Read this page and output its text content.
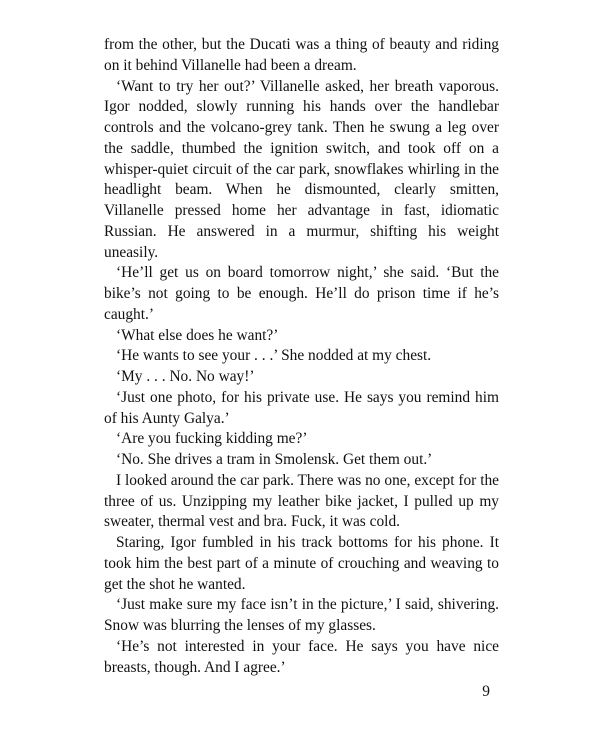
from the other, but the Ducati was a thing of beauty and riding on it behind Villanelle had been a dream.

‘Want to try her out?’ Villanelle asked, her breath vaporous. Igor nodded, slowly running his hands over the handlebar controls and the volcano-grey tank. Then he swung a leg over the saddle, thumbed the ignition switch, and took off on a whisper-quiet circuit of the car park, snowflakes whirling in the headlight beam. When he dismounted, clearly smitten, Villanelle pressed home her advantage in fast, idiomatic Russian. He answered in a murmur, shifting his weight uneasily.

‘He’ll get us on board tomorrow night,’ she said. ‘But the bike’s not going to be enough. He’ll do prison time if he’s caught.’

‘What else does he want?’

‘He wants to see your . . .’ She nodded at my chest.

‘My . . . No. No way!’

‘Just one photo, for his private use. He says you remind him of his Aunty Galya.’

‘Are you fucking kidding me?’

‘No. She drives a tram in Smolensk. Get them out.’

I looked around the car park. There was no one, except for the three of us. Unzipping my leather bike jacket, I pulled up my sweater, thermal vest and bra. Fuck, it was cold.

Staring, Igor fumbled in his track bottoms for his phone. It took him the best part of a minute of crouching and weaving to get the shot he wanted.

‘Just make sure my face isn’t in the picture,’ I said, shivering. Snow was blurring the lenses of my glasses.

‘He’s not interested in your face. He says you have nice breasts, though. And I agree.’

9
